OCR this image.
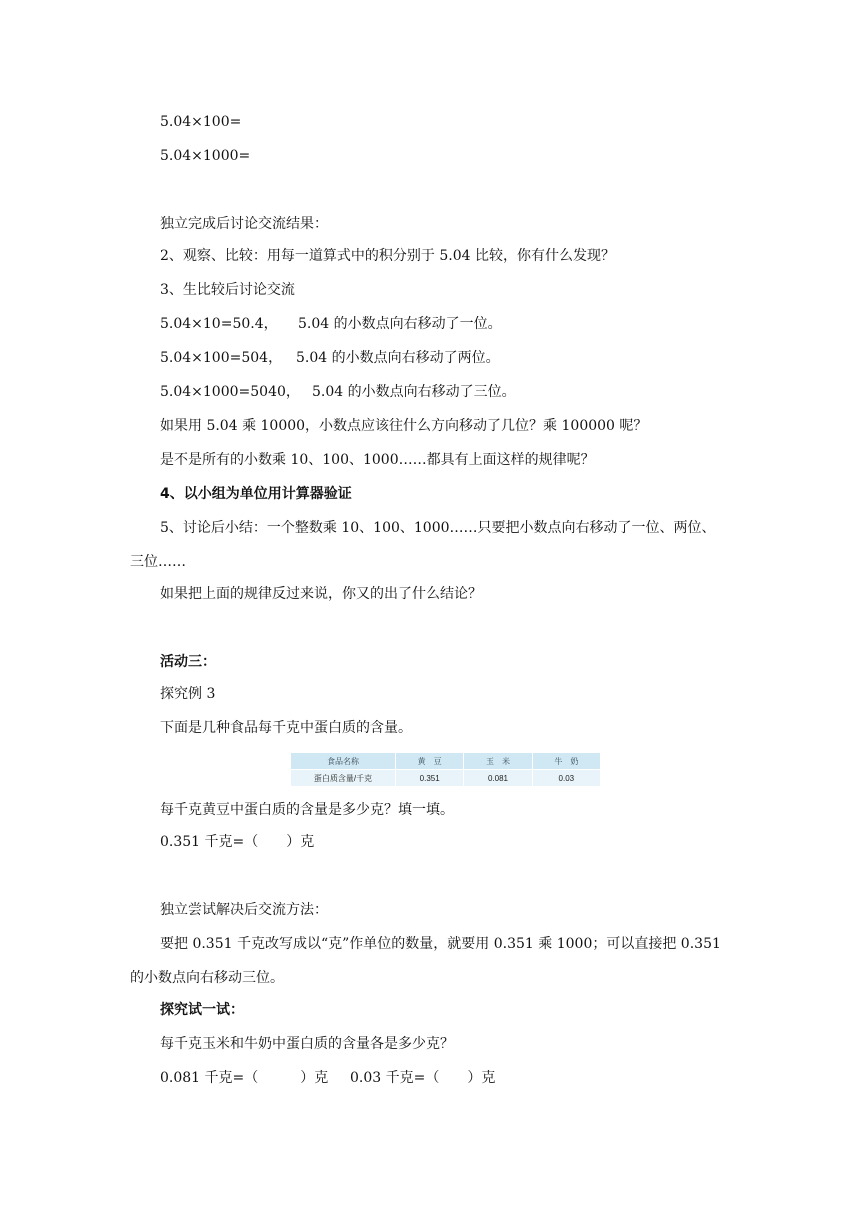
5.04×100=
5.04×1000=
独立完成后讨论交流结果：
2、观察、比较：用每一道算式中的积分别于 5.04 比较，你有什么发现？
3、生比较后讨论交流
5.04×10=50.4， 5.04 的小数点向右移动了一位。
5.04×100=504， 5.04 的小数点向右移动了两位。
5.04×1000=5040， 5.04 的小数点向右移动了三位。
如果用 5.04 乘 10000，小数点应该往什么方向移动了几位？乘 100000 呢？
是不是所有的小数乘 10、100、1000……都具有上面这样的规律呢？
4、以小组为单位用计算器验证
5、讨论后小结：一个整数乘 10、100、1000……只要把小数点向右移动了一位、两位、
三位……
如果把上面的规律反过来说，你又的出了什么结论？
活动三：
探究例 3
下面是几种食品每千克中蛋白质的含量。
食品名称	黄　豆	玉　米	牛　奶
蛋白质含量/千克	0.351	0.081	0.03
每千克黄豆中蛋白质的含量是多少克？填一填。
0.351 千克=（　　）克
独立尝试解决后交流方法：
要把 0.351 千克改写成以“克”作单位的数量，就要用 0.351 乘 1000；可以直接把 0.351
的小数点向右移动三位。
探究试一试：
每千克玉米和牛奶中蛋白质的含量各是多少克？
0.081 千克=（　　　）克 0.03 千克=（　　）克
